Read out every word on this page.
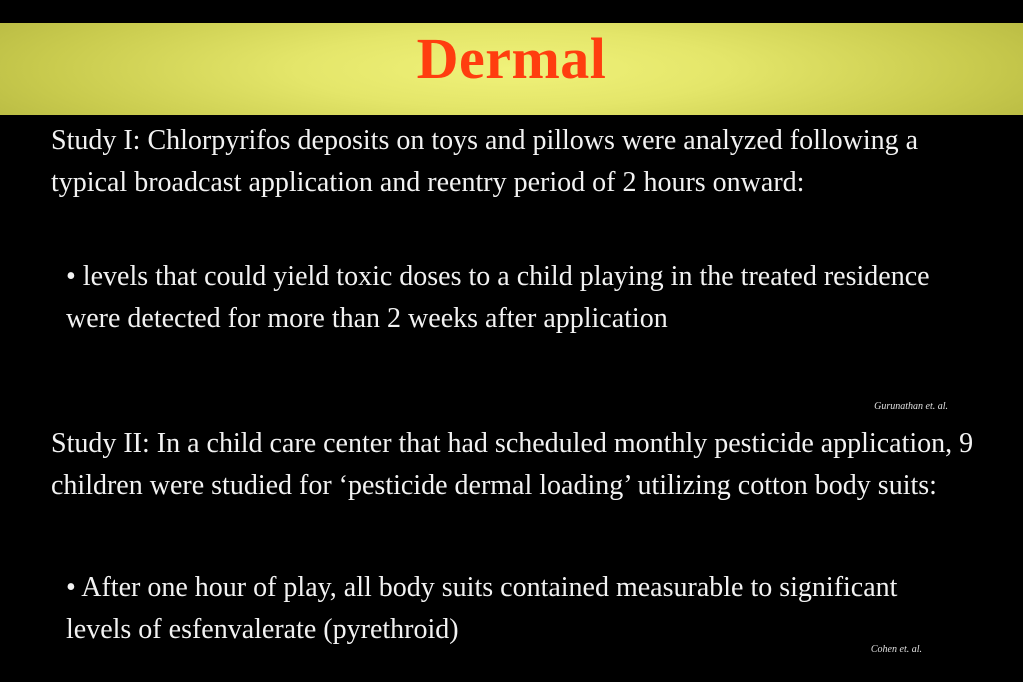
Dermal

Study I: Chlorpyrifos deposits on toys and pillows were analyzed following a typical broadcast application and reentry period of 2 hours onward:

• levels that could yield toxic doses to a child playing in the treated residence were detected for more than 2 weeks after application

Gurunathan et. al.

Study II: In a child care center that had scheduled monthly pesticide application, 9 children were studied for ‘pesticide dermal loading’ utilizing cotton body suits:

• After one hour of play, all body suits contained measurable to significant levels of esfenvalerate (pyrethroid)

Cohen et. al.
